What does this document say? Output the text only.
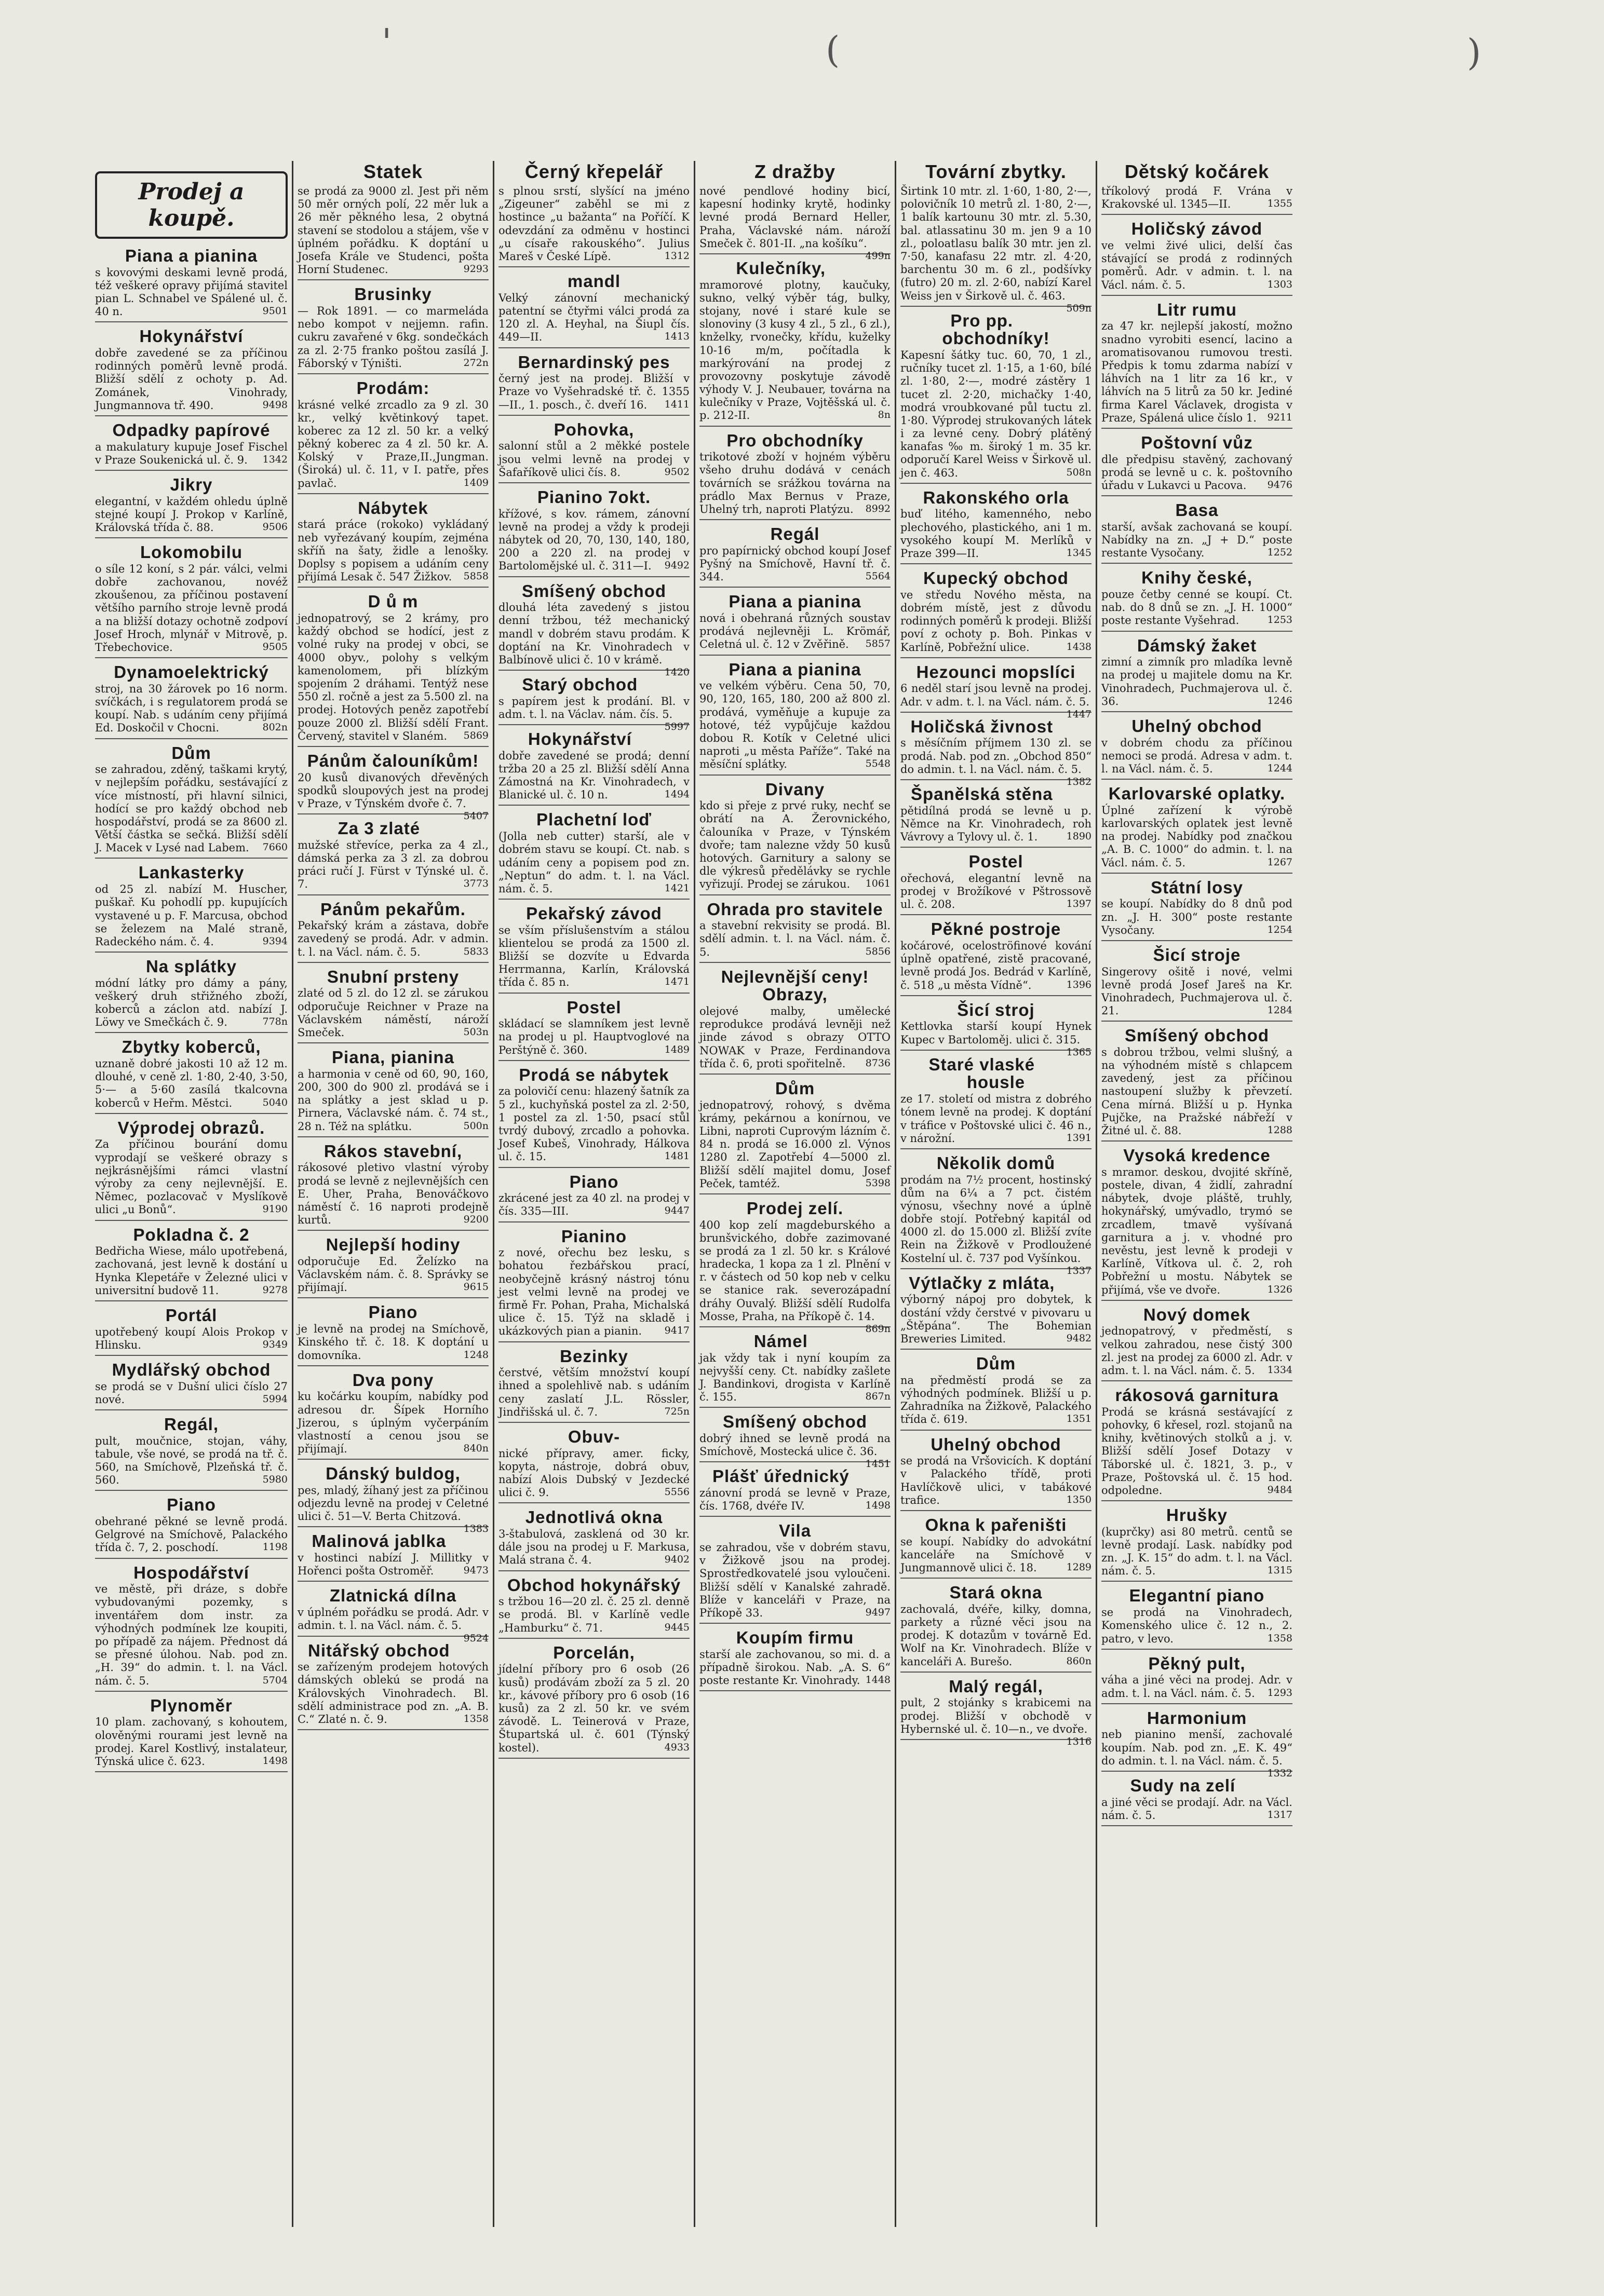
'	(	)
Prodej a koupě.
Piana a pianina

s kovovými deskami levně prodá, též veškeré opravy přijímá stavitel pian L. Schnabel ve Spálené ul. č. 40 n.	9501

Hokynářství

dobře zavedené se za příčinou rodinných poměrů levně prodá. Bližší sdělí z ochoty p. Ad. Zománek, Vinohrady, Jungmannova tř. 490.	9498

Odpadky papírové

a makulatury kupuje Josef Fischel v Praze Soukenická ul. č. 9. 1342

Jikry

elegantní, v každém ohledu úplně stejné koupí J. Prokop v Karlíně, Královská třída č. 88.	9506

Lokomobilu

o síle 12 koní, s 2 pár. válci, velmi dobře zachovanou, novéž zkoušenou, za příčinou postavení většího parního stroje levně prodá a na bližší dotazy ochotně zodpoví Josef Hroch, mlynář v Mitrově, p. Třebechovice.	9505

Dynamoelektrický

stroj, na 30 žárovek po 16 norm. svíčkách, i s regulatorem prodá se koupí. Nab. s udáním ceny přijímá Ed. Doskočil v Chocni.	802n

Dům

se zahradou, zděný, taškami krytý, v nejlepším pořádku, sestávající z více místností, při hlavní silnici, hodící se pro každý obchod neb hospodářství, prodá se za 8600 zl. Větší částka se sečká. Bližší sdělí J. Macek v Lysé nad Labem. 7660

Lankasterky

od 25 zl. nabízí M. Huscher, puškař. Ku pohodlí pp. kupujících vystavené u p. F. Marcusa, obchod se železem na Malé straně, Radeckého nám. č. 4.	9394

Na splátky

módní látky pro dámy a pány, veškerý druh střižného zboží, koberců a záclon atd. nabízí J. Löwy ve Smečkách č. 9.	778n

Zbytky koberců,

uznaně dobré jakosti 10 až 12 m. dlouhé, v ceně zl. 1·80, 2·40, 3·50, 5·— a 5·60 zasílá tkalcovna koberců v Heřm. Městci.	5040

Výprodej obrazů.

Za příčinou bourání domu vyprodají se veškeré obrazy s nejkrásnějšími rámci vlastní výroby za ceny nejlevnější. E. Němec, pozlacovač v Myslíkově ulici „u Bonů“.	9190

Pokladna č. 2

Bedřicha Wiese, málo upotřebená, zachovaná, jest levně k dostání u Hynka Klepetáře v Železné ulici v universitní budově 11.	9278

Portál

upotřebený koupí Alois Prokop v Hlinsku.	9349

Mydlářský obchod

se prodá se v Dušní ulici číslo 27 nové.	5994

Regál,

pult, moučnice, stojan, váhy, tabule, vše nové, se prodá na tř. č. 560, na Smíchově, Plzeňská tř. č. 560.	5980

Piano

obehrané pěkné se levně prodá. Gelgrové na Smíchově, Palackého třída č. 7, 2. poschodí.	1198

Hospodářství

ve městě, při dráze, s dobře vybudovanými pozemky, s inventářem dom instr. za výhodných podmínek lze koupiti, po případě za nájem. Přednost dá se přesné úlohou. Nab. pod zn. „H. 39“ do admin. t. l. na Václ. nám. č. 5.	5704

Plynoměr

10 plam. zachovaný, s kohoutem, olověnými rourami jest levně na prodej. Karel Kostlivý, instalateur, Týnská ulice č. 623.	1498

Statek

se prodá za 9000 zl. Jest při něm 50 měr orných polí, 22 měr luk a 26 měr pěkného lesa, 2 obytná stavení se stodolou a stájem, vše v úplném pořádku. K doptání u Josefa Krále ve Studenci, pošta Horní Studenec.	9293

Brusinky

— Rok 1891. — co marmeláda nebo kompot v nejjemn. rafin. cukru zavařené v 6kg. sondečkách za zl. 2·75 franko poštou zasílá J. Fáborský v Týništi.	272n

Prodám:

krásné velké zrcadlo za 9 zl. 30 kr., velký květinkový tapet. koberec za 12 zl. 50 kr. a velký pěkný koberec za 4 zl. 50 kr. A. Kolský v Praze,II.,Jungman.(Široká) ul. č. 11, v I. patře, přes pavlač.	1409

Nábytek

stará práce (rokoko) vykládaný neb vyřezávaný koupím, zejména skříň na šaty, židle a lenošky. Doplsy s popisem a udáním ceny přijímá Lesak č. 547 Žižkov. 5858

D ů m

jednopatrový, se 2 krámy, pro každý obchod se hodící, jest z volné ruky na prodej v obci, se 4000 obyv., polohy s velkým kamenolomem, při blízkým spojením 2 dráhami. Tentýž nese 550 zl. ročně a jest za 5.500 zl. na prodej. Hotových peněz zapotřebí pouze 2000 zl. Bližší sdělí Frant. Červený, stavitel v Slaném. 5869

Pánům čalouníkům!

20 kusů divanových dřevěných spodků sloupových jest na prodej v Praze, v Týnském dvoře č. 7.
5407

Za 3 zlaté

mužské střevíce, perka za 4 zl., dámská perka za 3 zl. za dobrou práci ručí J. Fürst v Týnské ul. č. 7.	3773

Pánům pekařům.

Pekařský krám a zástava, dobře zavedený se prodá. Adr. v admin. t. l. na Václ. nám. č. 5.	5833

Snubní prsteny

zlaté od 5 zl. do 12 zl. se zárukou odporučuje Reichner v Praze na Václavském náměstí, nároží Smeček.	503n

Piana, pianina

a harmonia v ceně od 60, 90, 160, 200, 300 do 900 zl. prodává se i na splátky a jest sklad u p. Pirnera, Václavské nám. č. 74 st., 28 n. Též na splátku.	500n

Rákos stavební,

rákosové pletivo vlastní výroby prodá se levně z nejlevnějších cen E. Uher, Praha, Benováčkovo náměstí č. 16 naproti prodejně kurtů.	9200

Nejlepší hodiny

odporučuje Ed. Želízko na Václavském nám. č. 8. Správky se přijímají.	9615

Piano

je levně na prodej na Smíchově, Kinského tř. č. 18. K doptání u domovníka.	1248

Dva pony

ku kočárku koupím, nabídky pod adresou dr. Šípek Horního Jizerou, s úplným vyčerpáním vlastností a cenou jsou se přijímají.	840n

Dánský buldog,

pes, mladý, žíhaný jest za příčinou odjezdu levně na prodej v Celetné ulici č. 51—V. Berta Chitzová.
1383

Malinová jablka

v hostinci nabízí J. Millitky v Hořenci pošta Ostroměř.	9473

Zlatnická dílna

v úplném pořádku se prodá. Adr. v admin. t. l. na Václ. nám. č. 5.
9524

Nitářský obchod

se zařízeným prodejem hotových dámských oblekú se prodá na Královských Vinohradech. Bl. sdělí administrace pod zn. „A. B. C.“ Zlaté n. č. 9.	1358

Černý křepelář

s plnou srstí, slyšící na jméno „Zigeuner“ zaběhl se mi z hostince „u bažanta“ na Poříčí. K odevzdání za odměnu v hostinci „u císaře rakouského“. Julius Mareš v České Lípě.	1312

mandl

Velký zánovní mechanický patentní se čtyřmi válci prodá za 120 zl. A. Heyhal, na Šiupl čís. 449—II.	1413

Bernardinský pes

černý jest na prodej. Bližší v Praze vo Vyšehradské tř. č. 1355—II., 1. posch., č. dveří 16. 1411

Pohovka,

salonní stůl a 2 měkké postele jsou velmi levně na prodej v Šafaříkově ulici čís. 8.	9502

Pianino 7okt.

křížové, s kov. rámem, zánovní levně na prodej a vždy k prodeji nábytek od 20, 70, 130, 140, 180, 200 a 220 zl. na prodej v Bartolomějské ul. č. 311—I. 9492

Smíšený obchod

dlouhá léta zavedený s jistou denní tržbou, též mechanický mandl v dobrém stavu prodám. K doptání na Kr. Vinohradech v Balbínově ulici č. 10 v krámě.
1420

Starý obchod

s papírem jest k prodání. Bl. v adm. t. l. na Václav. nám. čís. 5.
5997

Hokynářství

dobře zavedené se prodá; denní tržba 20 a 25 zl. Bližší sdělí Anna Zámostná na Kr. Vinohradech, v Blanické ul. č. 10 n.	1494

Plachetní loď

(Jolla neb cutter) starší, ale v dobrém stavu se koupí. Ct. nab. s udáním ceny a popisem pod zn. „Neptun“ do adm. t. l. na Václ. nám. č. 5.	1421

Pekařský závod

se vším příslušenstvím a stálou klientelou se prodá za 1500 zl. Bližší se dozvíte u Edvarda Herrmanna, Karlín, Královská třída č. 85 n.	1471

Postel

skládací se slamníkem jest levně na prodej u pl. Hauptvoglové na Perštýně č. 360.	1489

Prodá se nábytek

za polovičí cenu: hlazený šatník za 5 zl., kuchyňská postel za zl. 2·50, 1 postel za zl. 1·50, psací stůl tvrdý dubový, zrcadlo a pohovka. Josef Kubeš, Vinohrady, Hálkova ul. č. 15.	1481

Piano

zkrácené jest za 40 zl. na prodej v čís. 335—III.	9447

Pianino

z nové, ořechu bez lesku, s bohatou řezbářskou prací, neobyčejně krásný nástroj tónu jest velmi levně na prodej ve firmě Fr. Pohan, Praha, Michalská ulice č. 15. Týž na skladě i ukázkových pian a pianin. 9417

Bezinky

čerstvé, větším množství koupí ihned a spolehlivě nab. s udáním ceny zaslatí J.L. Rössler, Jindřišská ul. č. 7.	725n

Obuv-

nické přípravy, amer. ficky, kopyta, nástroje, dobrá obuv, nabízí Alois Dubský v Jezdecké ulici č. 9.	5556

Jednotlivá okna

3-štabulová, zasklená od 30 kr. dále jsou na prodej u F. Markusa, Malá strana č. 4.	9402

Obchod hokynářský

s tržbou 16—20 zl. č. 25 zl. denně se prodá. Bl. v Karlíně vedle „Hamburku“ č. 71.	9445

Porcelán,

jídelní příbory pro 6 osob (26 kusů) prodávám zboží za 5 zl. 20 kr., kávové příbory pro 6 osob (16 kusů) za 2 zl. 50 kr. ve svém závodě. L. Teinerová v Praze, Štupartská ul. č. 601 (Týnský kostel).	4933

Z dražby

nové pendlové hodiny bicí, kapesní hodinky krytě, hodinky levné prodá Bernard Heller, Praha, Václavské nám. nároží Smeček č. 801-II. „na košíku“.
499n

Kulečníky,

mramorové plotny, kaučuky, sukno, velký výběr tág, bulky, stojany, nové i staré kule se slonoviny (3 kusy 4 zl., 5 zl., 6 zl.), knželky, rvonečky, křídu, kuželky 10-16 m/m, počítadla k markýrování na prodej z provozovny poskytuje závodě výhody V. J. Neubauer, továrna na kulečníky v Praze, Vojtěšská ul. č. p. 212-II.	8n

Pro obchodníky

trikotové zboží v hojném výběru všeho druhu dodává v cenách továrních se srážkou továrna na prádlo Max Bernus v Praze, Uhelný trh, naproti Platýzu. 8992

Regál

pro papírnický obchod koupí Josef Pyšný na Smíchově, Havní tř. č. 344.	5564

Piana a pianina

nová i obehraná různých soustav prodává nejlevněji L. Krömář, Celetná ul. č. 12 v Zvěřině. 5857

Piana a pianina

ve velkém výběru. Cena 50, 70, 90, 120, 165, 180, 200 až 800 zl. prodává, vyměňuje a kupuje za hotové, též vypůjčuje každou dobou R. Kotík v Celetné ulici naproti „u města Paříže“. Také na měsíční splátky.	5548

Divany

kdo si přeje z prvé ruky, nechť se obrátí na A. Žerovnického, čalouníka v Praze, v Týnském dvoře; tam nalezne vždy 50 kusů hotových. Garnitury a salony se dle výkresů předělávky se rychle vyřizují. Prodej se zárukou. 1061

Ohrada pro stavitele

a stavební rekvisity se prodá. Bl. sdělí admin. t. l. na Václ. nám. č. 5.	5856

Nejlevnější ceny! Obrazy,

olejové malby, umělecké reprodukce prodává levněji než jinde závod s obrazy OTTO NOWAK v Praze, Ferdinandova třída č. 6, proti spořitelně. 8736

Dům

jednopatrový, rohový, s dvěma krámy, pekárnou a konírnou, ve Libni, naproti Cuprovým lázním č. 84 n. prodá se 16.000 zl. Výnos 1280 zl. Zapotřebí 4—5000 zl. Bližší sdělí majitel domu, Josef Peček, tamtéž.	5398

Prodej zelí.

400 kop zelí magdeburského a brunšvického, dobře zazimované se prodá za 1 zl. 50 kr. s Králové hradecka, 1 kopa za 1 zl. Plnění v r. v částech od 50 kop neb v celku se stanice rak. severozápadní dráhy Ouvalý. Bližší sdělí Rudolfa Mosse, Praha, na Příkopě č. 14.
869n

Námel

jak vždy tak i nyní koupím za nejvyšší ceny. Ct. nabídky zašlete J. Bandinkovi, drogista v Karlíně č. 155.	867n

Smíšený obchod

dobrý ihned se levně prodá na Smíchově, Mostecká ulice č. 36.
1451

Plášť úřednický

zánovní prodá se levně v Praze, čís. 1768, dvéře IV.	1498

Vila

se zahradou, vše v dobrém stavu, v Žižkově jsou na prodej. Sprostředkovatelé jsou vyloučeni. Bližší sdělí v Kanalské zahradě. Blíže v kanceláři v Praze, na Příkopě 33.	9497

Koupím firmu

starší ale zachovanou, so mi. d. a případně širokou. Nab. „A. S. 6“ poste restante Kr. Vinohrady. 1448

Tovární zbytky.

Širtink 10 mtr. zl. 1·60, 1·80, 2·—, polovičník 10 metrů zl. 1·80, 2·—, 1 balík kartounu 30 mtr. zl. 5.30, bal. atlassatinu 30 m. jen 9 a 10 zl., poloatlasu balík 30 mtr. jen zl. 7·50, kanafasu 22 mtr. zl. 4·20, barchentu 30 m. 6 zl., podšívky (futro) 20 m. zl. 2·60, nabízí Karel Weiss jen v Širkově ul. č. 463.
509n

Pro pp. obchodníky!

Kapesní šátky tuc. 60, 70, 1 zl., ručníky tucet zl. 1·15, a 1·60, bílé zl. 1·80, 2·—, modré zástěry 1 tucet zl. 2·20, michačky 1·40, modrá vroubkované půl tuctu zl. 1·80. Výprodej strukovaných látek i za levné ceny. Dobrý plátěný kanafas ‰ m. široký 1 m. 35 kr. odporučí Karel Weiss v Širkově ul. jen č. 463.	508n

Rakonského orla

buď litého, kamenného, nebo plechového, plastického, ani 1 m. vysokého koupí M. Merlíků v Praze 399—II.	1345

Kupecký obchod

ve středu Nového města, na dobrém místě, jest z důvodu rodinných poměrů k prodeji. Bližší poví z ochoty p. Boh. Pinkas v Karlíně, Pobřežní ulice.	1438

Hezounci mopslíci

6 neděl starí jsou levně na prodej. Adr. v adm. t. l. na Václ. nám. č. 5.
1447

Holičská živnost

s měsíčním příjmem 130 zl. se prodá. Nab. pod zn. „Obchod 850“ do admin. t. l. na Václ. nám. č. 5.
1382

Španělská stěna

pětidílná prodá se levně u p. Němce na Kr. Vinohradech, roh Vávrovy a Tylovy ul. č. 1.	1890

Postel

ořechová, elegantní levně na prodej v Brožíkové v Pštrossově ul. č. 208.	1397

Pěkné postroje

kočárové, oceloströfinové kování úplně opatřené, zistě pracované, levně prodá Jos. Bedrád v Karlíně, č. 518 „u města Vídně“.	1396

Šicí stroj

Kettlovka starší koupí Hynek Kupec v Bartoloměj. ulici č. 315.
1365

Staré vlaské housle

ze 17. století od mistra z dobrého tónem levně na prodej. K doptání v tráfice v Poštovské ulici č. 46 n., v nárožní.	1391

Několik domů

prodám na 7½ procent, hostinský dům na 6¼ a 7 pct. čistém výnosu, všechny nové a úplně dobře stojí. Potřebný kapitál od 4000 zl. do 15.000 zl. Bližší zvíte Rein na Žižkově v Prodloužené Kostelní ul. č. 737 pod Vyšínkou.
1337

Výtlačky z mláta,

výborný nápoj pro dobytek, k dostání vždy čerstvé v pivovaru u „Štěpána“. The Bohemian Breweries Limited.	9482

Dům

na předměstí prodá se za výhodných podmínek. Bližší u p. Zahradníka na Žižkově, Palackého třída č. 619.	1351

Uhelný obchod

se prodá na Vršovicích. K doptání v Palackého třídě, proti Havlíčkově ulici, v tabákové trafice.	1350

Okna k pařeništi

se koupí. Nabídky do advokátní kanceláře na Smíchově v Jungmannově ulici č. 18.	1289

Stará okna

zachovalá, dvéře, kilky, domna, parkety a různé věci jsou na prodej. K dotazům v továrně Ed. Wolf na Kr. Vinohradech. Blíže v kanceláři A. Burešo.	860n

Malý regál,

pult, 2 stojánky s krabicemi na prodej. Bližší v obchodě v Hybernské ul. č. 10—n., ve dvoře.
1316

Dětský kočárek

tříkolový prodá F. Vrána v Krakovské ul. 1345—II.	1355

Holičský závod

ve velmi živé ulici, delší čas stávající se prodá z rodinných poměrů. Adr. v admin. t. l. na Václ. nám. č. 5.	1303

Litr rumu

za 47 kr. nejlepší jakostí, možno snadno vyrobiti esencí, lacino a aromatisovanou rumovou tresti. Předpis k tomu zdarma nabízí v láhvích na 1 litr za 16 kr., v láhvích na 5 litrů za 50 kr. Jediné firma Karel Václavek, drogista v Praze, Spálená ulice číslo 1. 9211

Poštovní vůz

dle předpisu stavěný, zachovaný prodá se levně u c. k. poštovního úřadu v Lukavci u Pacova. 9476

Basa

starší, avšak zachovaná se koupí. Nabídky na zn. „J + D.“ poste restante Vysočany.	1252

Knihy české,

pouze četby cenné se koupí. Ct. nab. do 8 dnů se zn. „J. H. 1000“ poste restante Vyšehrad.	1253

Dámský žaket

zimní a zimník pro mladíka levně na prodej u majitele domu na Kr. Vinohradech, Puchmajerova ul. č. 36.	1246

Uhelný obchod

v dobrém chodu za příčinou nemoci se prodá. Adresa v adm. t. l. na Václ. nám. č. 5.	1244

Karlovarské oplatky.

Úplné zařízení k výrobě karlovarských oplatek jest levně na prodej. Nabídky pod značkou „A. B. C. 1000“ do admin. t. l. na Václ. nám. č. 5.	1267

Státní losy

se koupí. Nabídky do 8 dnů pod zn. „J. H. 300“ poste restante Vysočany.	1254

Šicí stroje

Singerovy ošitě i nové, velmi levně prodá Josef Jareš na Kr. Vinohradech, Puchmajerova ul. č. 21.	1284

Smíšený obchod

s dobrou tržbou, velmi slušný, a na výhodném místě s chlapcem zavedený, jest za příčinou nastoupení služby k převzetí. Cena mírná. Bližší u p. Hynka Pujčke, na Pražské nábřeží v Žitné ul. č. 88.	1288

Vysoká kredence

s mramor. deskou, dvojité skříně, postele, divan, 4 židlí, zahradní nábytek, dvoje pláště, truhly, hokynářský, umývadlo, trymó se zrcadlem, tmavě vyšívaná garnitura a j. v. vhodné pro nevěstu, jest levně k prodeji v Karlíně, Vítkova ul. č. 2, roh Pobřežní u mostu. Nábytek se přijímá, vše ve dvoře.	1326

Nový domek

jednopatrový, v předměstí, s velkou zahradou, nese čistý 300 zl. jest na prodej za 6000 zl. Adr. v adm. t. l. na Václ. nám. č. 5. 1334

rákosová garnitura

Prodá se krásná sestávající z pohovky, 6 křesel, rozl. stojanů na knihy, květinových stolků a j. v. Bližší sdělí Josef Dotazy v Táborské ul. č. 1821, 3. p., v Praze, Poštovská ul. č. 15 hod. odpoledne.	9484

Hrušky

(kuprčky) asi 80 metrů. centů se levně prodají. Lask. nabídky pod zn. „J. K. 15“ do adm. t. l. na Václ. nám. č. 5.	1315

Elegantní piano

se prodá na Vinohradech, Komenského ulice č. 12 n., 2. patro, v levo.	1358

Pěkný pult,

váha a jiné věci na prodej. Adr. v adm. t. l. na Václ. nám. č. 5. 1293

Harmonium

neb pianino menší, zachovalé koupím. Nab. pod zn. „E. K. 49“ do admin. t. l. na Václ. nám. č. 5.
1332

Sudy na zelí

a jiné věci se prodají. Adr. na Václ. nám. č. 5.	1317
